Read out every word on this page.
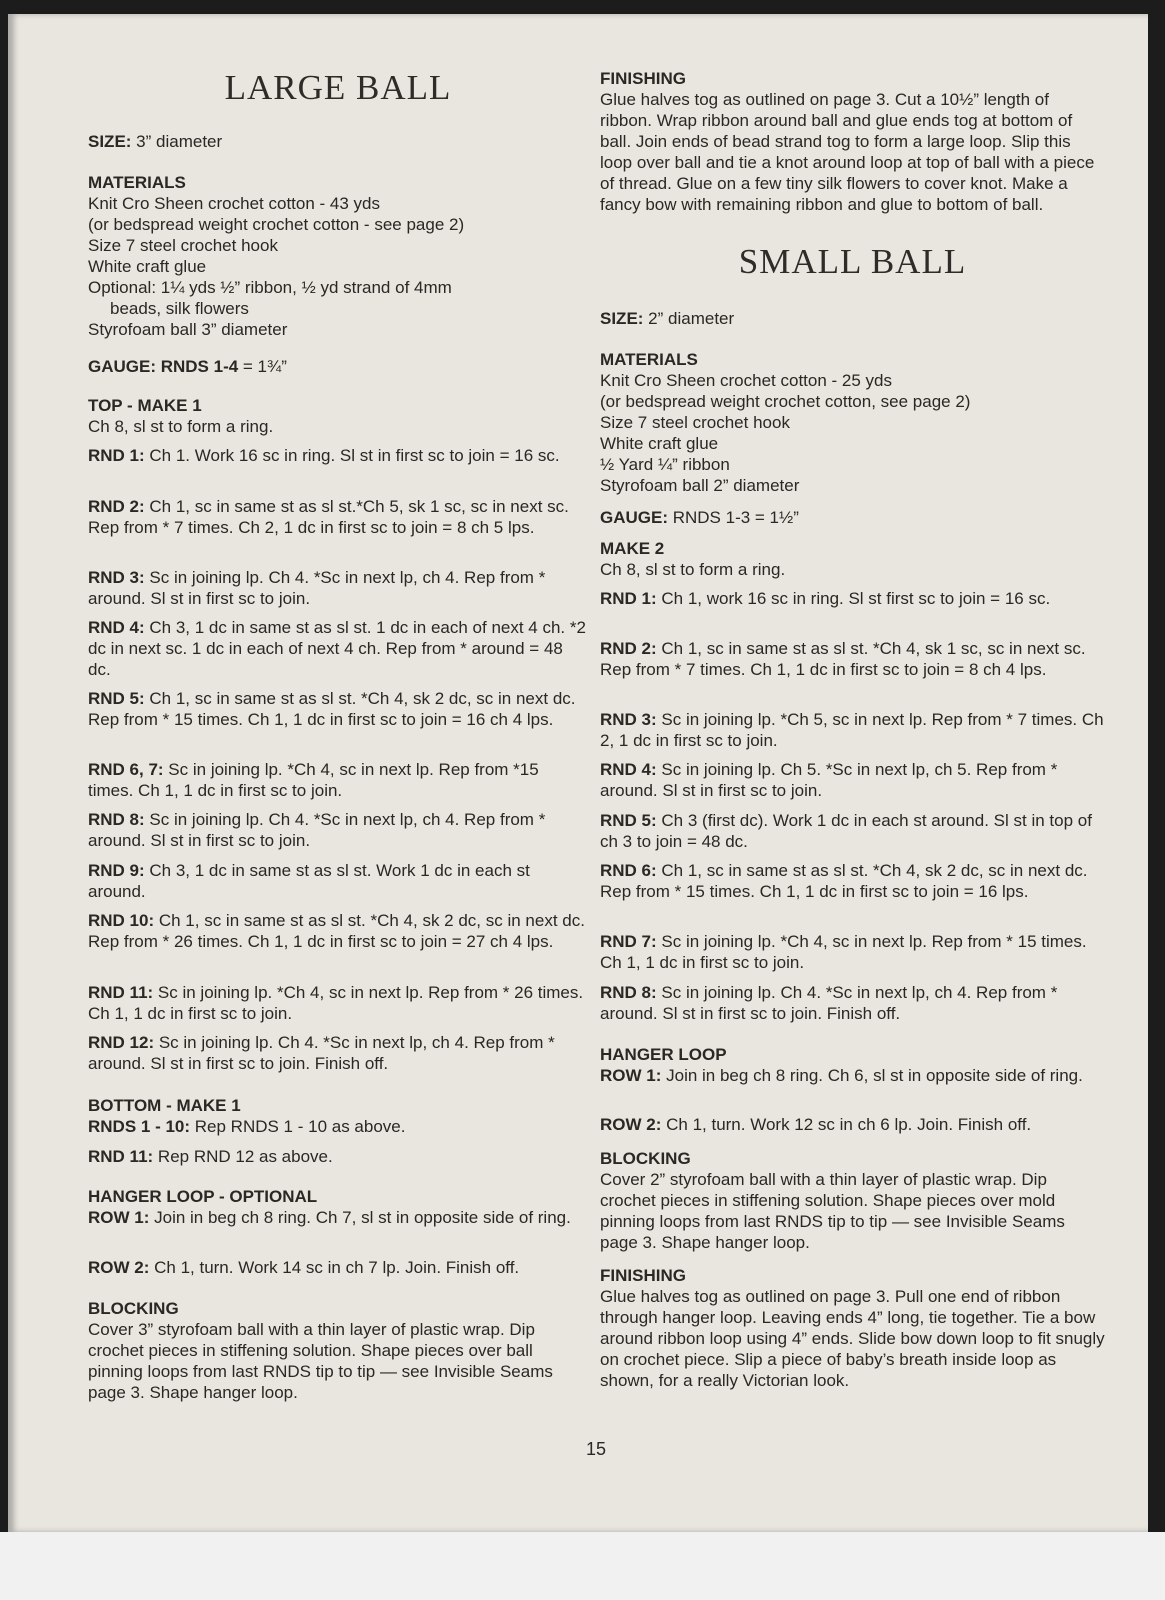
LARGE BALL

SIZE: 3” diameter

MATERIALS

Knit Cro Sheen crochet cotton - 43 yds

(or bedspread weight crochet cotton - see page 2)

Size 7 steel crochet hook

White craft glue

Optional: 1¼ yds ½” ribbon, ½ yd strand of 4mm

beads, silk flowers

Styrofoam ball 3” diameter

GAUGE: RNDS 1-4 = 1¾”

TOP - MAKE 1

Ch 8, sl st to form a ring.

RND 1: Ch 1. Work 16 sc in ring. Sl st in first sc to join = 16 sc.

RND 2: Ch 1, sc in same st as sl st.*Ch 5, sk 1 sc, sc in next sc. Rep from * 7 times. Ch 2, 1 dc in first sc to join = 8 ch 5 lps.

RND 3: Sc in joining lp. Ch 4. *Sc in next lp, ch 4. Rep from * around. Sl st in first sc to join.

RND 4: Ch 3, 1 dc in same st as sl st. 1 dc in each of next 4 ch. *2 dc in next sc. 1 dc in each of next 4 ch. Rep from * around = 48 dc.

RND 5: Ch 1, sc in same st as sl st. *Ch 4, sk 2 dc, sc in next dc. Rep from * 15 times. Ch 1, 1 dc in first sc to join = 16 ch 4 lps.

RND 6, 7: Sc in joining lp. *Ch 4, sc in next lp. Rep from *15 times. Ch 1, 1 dc in first sc to join.

RND 8: Sc in joining lp. Ch 4. *Sc in next lp, ch 4. Rep from * around. Sl st in first sc to join.

RND 9: Ch 3, 1 dc in same st as sl st. Work 1 dc in each st around.

RND 10: Ch 1, sc in same st as sl st. *Ch 4, sk 2 dc, sc in next dc. Rep from * 26 times. Ch 1, 1 dc in first sc to join = 27 ch 4 lps.

RND 11: Sc in joining lp. *Ch 4, sc in next lp. Rep from * 26 times. Ch 1, 1 dc in first sc to join.

RND 12: Sc in joining lp. Ch 4. *Sc in next lp, ch 4. Rep from * around. Sl st in first sc to join. Finish off.

BOTTOM - MAKE 1

RNDS 1 - 10: Rep RNDS 1 - 10 as above.

RND 11: Rep RND 12 as above.

HANGER LOOP - OPTIONAL

ROW 1: Join in beg ch 8 ring. Ch 7, sl st in opposite side of ring.

ROW 2: Ch 1, turn. Work 14 sc in ch 7 lp. Join. Finish off.

BLOCKING

Cover 3” styrofoam ball with a thin layer of plastic wrap. Dip crochet pieces in stiffening solution. Shape pieces over ball pinning loops from last RNDS tip to tip — see Invisible Seams page 3. Shape hanger loop.

FINISHING

Glue halves tog as outlined on page 3. Cut a 10½” length of ribbon. Wrap ribbon around ball and glue ends tog at bottom of ball. Join ends of bead strand tog to form a large loop. Slip this loop over ball and tie a knot around loop at top of ball with a piece of thread. Glue on a few tiny silk flowers to cover knot. Make a fancy bow with remaining ribbon and glue to bottom of ball.

SMALL BALL

SIZE: 2” diameter

MATERIALS

Knit Cro Sheen crochet cotton - 25 yds

(or bedspread weight crochet cotton, see page 2)

Size 7 steel crochet hook

White craft glue

½ Yard ¼” ribbon

Styrofoam ball 2” diameter

GAUGE: RNDS 1-3 = 1½”

MAKE 2

Ch 8, sl st to form a ring.

RND 1: Ch 1, work 16 sc in ring. Sl st first sc to join = 16 sc.

RND 2: Ch 1, sc in same st as sl st. *Ch 4, sk 1 sc, sc in next sc. Rep from * 7 times. Ch 1, 1 dc in first sc to join = 8 ch 4 lps.

RND 3: Sc in joining lp. *Ch 5, sc in next lp. Rep from * 7 times. Ch 2, 1 dc in first sc to join.

RND 4: Sc in joining lp. Ch 5. *Sc in next lp, ch 5. Rep from * around. Sl st in first sc to join.

RND 5: Ch 3 (first dc). Work 1 dc in each st around. Sl st in top of ch 3 to join = 48 dc.

RND 6: Ch 1, sc in same st as sl st. *Ch 4, sk 2 dc, sc in next dc. Rep from * 15 times. Ch 1, 1 dc in first sc to join = 16 lps.

RND 7: Sc in joining lp. *Ch 4, sc in next lp. Rep from * 15 times. Ch 1, 1 dc in first sc to join.

RND 8: Sc in joining lp. Ch 4. *Sc in next lp, ch 4. Rep from * around. Sl st in first sc to join. Finish off.

HANGER LOOP

ROW 1: Join in beg ch 8 ring. Ch 6, sl st in opposite side of ring.

ROW 2: Ch 1, turn. Work 12 sc in ch 6 lp. Join. Finish off.

BLOCKING

Cover 2” styrofoam ball with a thin layer of plastic wrap. Dip crochet pieces in stiffening solution. Shape pieces over mold pinning loops from last RNDS tip to tip — see Invisible Seams page 3. Shape hanger loop.

FINISHING

Glue halves tog as outlined on page 3. Pull one end of ribbon through hanger loop. Leaving ends 4” long, tie together. Tie a bow around ribbon loop using 4” ends. Slide bow down loop to fit snugly on crochet piece. Slip a piece of baby’s breath inside loop as shown, for a really Victorian look.

15
